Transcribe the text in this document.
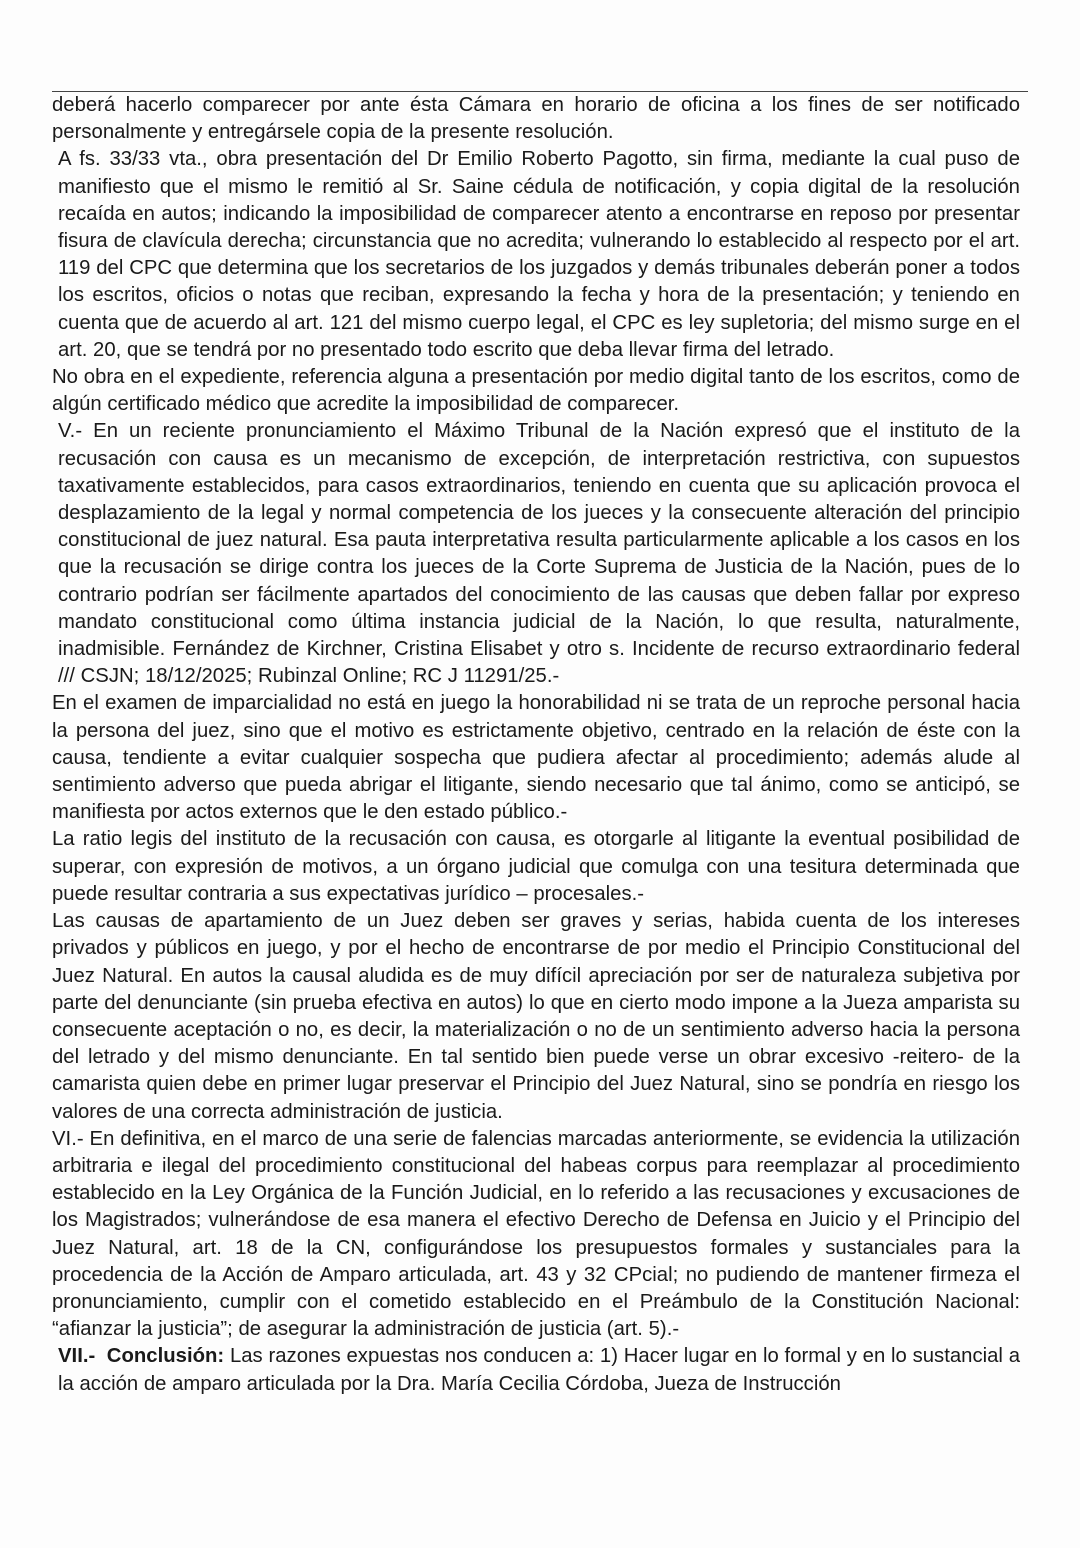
deberá hacerlo comparecer por ante ésta Cámara en horario de oficina a los fines de ser notificado personalmente y entregársele copia de la presente resolución.

A fs. 33/33 vta., obra presentación del Dr Emilio Roberto Pagotto, sin firma, mediante la cual puso de manifiesto que el mismo le remitió al Sr. Saine cédula de notificación, y copia digital de la resolución recaída en autos; indicando la imposibilidad de comparecer atento a encontrarse en reposo por presentar fisura de clavícula derecha; circunstancia que no acredita; vulnerando lo establecido al respecto por el art. 119 del CPC que determina que los secretarios de los juzgados y demás tribunales deberán poner a todos los escritos, oficios o notas que reciban, expresando la fecha y hora de la presentación; y teniendo en cuenta que de acuerdo al art. 121 del mismo cuerpo legal, el CPC es ley supletoria; del mismo surge en el art. 20, que se tendrá por no presentado todo escrito que deba llevar firma del letrado.

No obra en el expediente, referencia alguna a presentación por medio digital tanto de los escritos, como de algún certificado médico que acredite la imposibilidad de comparecer.

V.- En un reciente pronunciamiento el Máximo Tribunal de la Nación expresó que el instituto de la recusación con causa es un mecanismo de excepción, de interpretación restrictiva, con supuestos taxativamente establecidos, para casos extraordinarios, teniendo en cuenta que su aplicación provoca el desplazamiento de la legal y normal competencia de los jueces y la consecuente alteración del principio constitucional de juez natural. Esa pauta interpretativa resulta particularmente aplicable a los casos en los que la recusación se dirige contra los jueces de la Corte Suprema de Justicia de la Nación, pues de lo contrario podrían ser fácilmente apartados del conocimiento de las causas que deben fallar por expreso mandato constitucional como última instancia judicial de la Nación, lo que resulta, naturalmente, inadmisible. Fernández de Kirchner, Cristina Elisabet y otro s. Incidente de recurso extraordinario federal /// CSJN; 18/12/2025; Rubinzal Online; RC J 11291/25.-

En el examen de imparcialidad no está en juego la honorabilidad ni se trata de un reproche personal hacia la persona del juez, sino que el motivo es estrictamente objetivo, centrado en la relación de éste con la causa, tendiente a evitar cualquier sospecha que pudiera afectar al procedimiento; además alude al sentimiento adverso que pueda abrigar el litigante, siendo necesario que tal ánimo, como se anticipó, se manifiesta por actos externos que le den estado público.-

La ratio legis del instituto de la recusación con causa, es otorgarle al litigante la eventual posibilidad de superar, con expresión de motivos, a un órgano judicial que comulga con una tesitura determinada que puede resultar contraria a sus expectativas jurídico – procesales.-

Las causas de apartamiento de un Juez deben ser graves y serias, habida cuenta de los intereses privados y públicos en juego, y por el hecho de encontrarse de por medio el Principio Constitucional del Juez Natural. En autos la causal aludida es de muy difícil apreciación por ser de naturaleza subjetiva por parte del denunciante (sin prueba efectiva en autos) lo que en cierto modo impone a la Jueza amparista su consecuente aceptación o no, es decir, la materialización o no de un sentimiento adverso hacia la persona del letrado y del mismo denunciante. En tal sentido bien puede verse un obrar excesivo -reitero- de la camarista quien debe en primer lugar preservar el Principio del Juez Natural, sino se pondría en riesgo los valores de una correcta administración de justicia.

VI.- En definitiva, en el marco de una serie de falencias marcadas anteriormente, se evidencia la utilización arbitraria e ilegal del procedimiento constitucional del habeas corpus para reemplazar al procedimiento establecido en la Ley Orgánica de la Función Judicial, en lo referido a las recusaciones y excusaciones de los Magistrados; vulnerándose de esa manera el efectivo Derecho de Defensa en Juicio y el Principio del Juez Natural, art. 18 de la CN, configurándose los presupuestos formales y sustanciales para la procedencia de la Acción de Amparo articulada, art. 43 y 32 CPcial; no pudiendo de mantener firmeza el pronunciamiento, cumplir con el cometido establecido en el Preámbulo de la Constitución Nacional: “afianzar la justicia”; de asegurar la administración de justicia (art. 5).-

VII.- Conclusión: Las razones expuestas nos conducen a: 1) Hacer lugar en lo formal y en lo sustancial a la acción de amparo articulada por la Dra. María Cecilia Córdoba, Jueza de Instrucción
